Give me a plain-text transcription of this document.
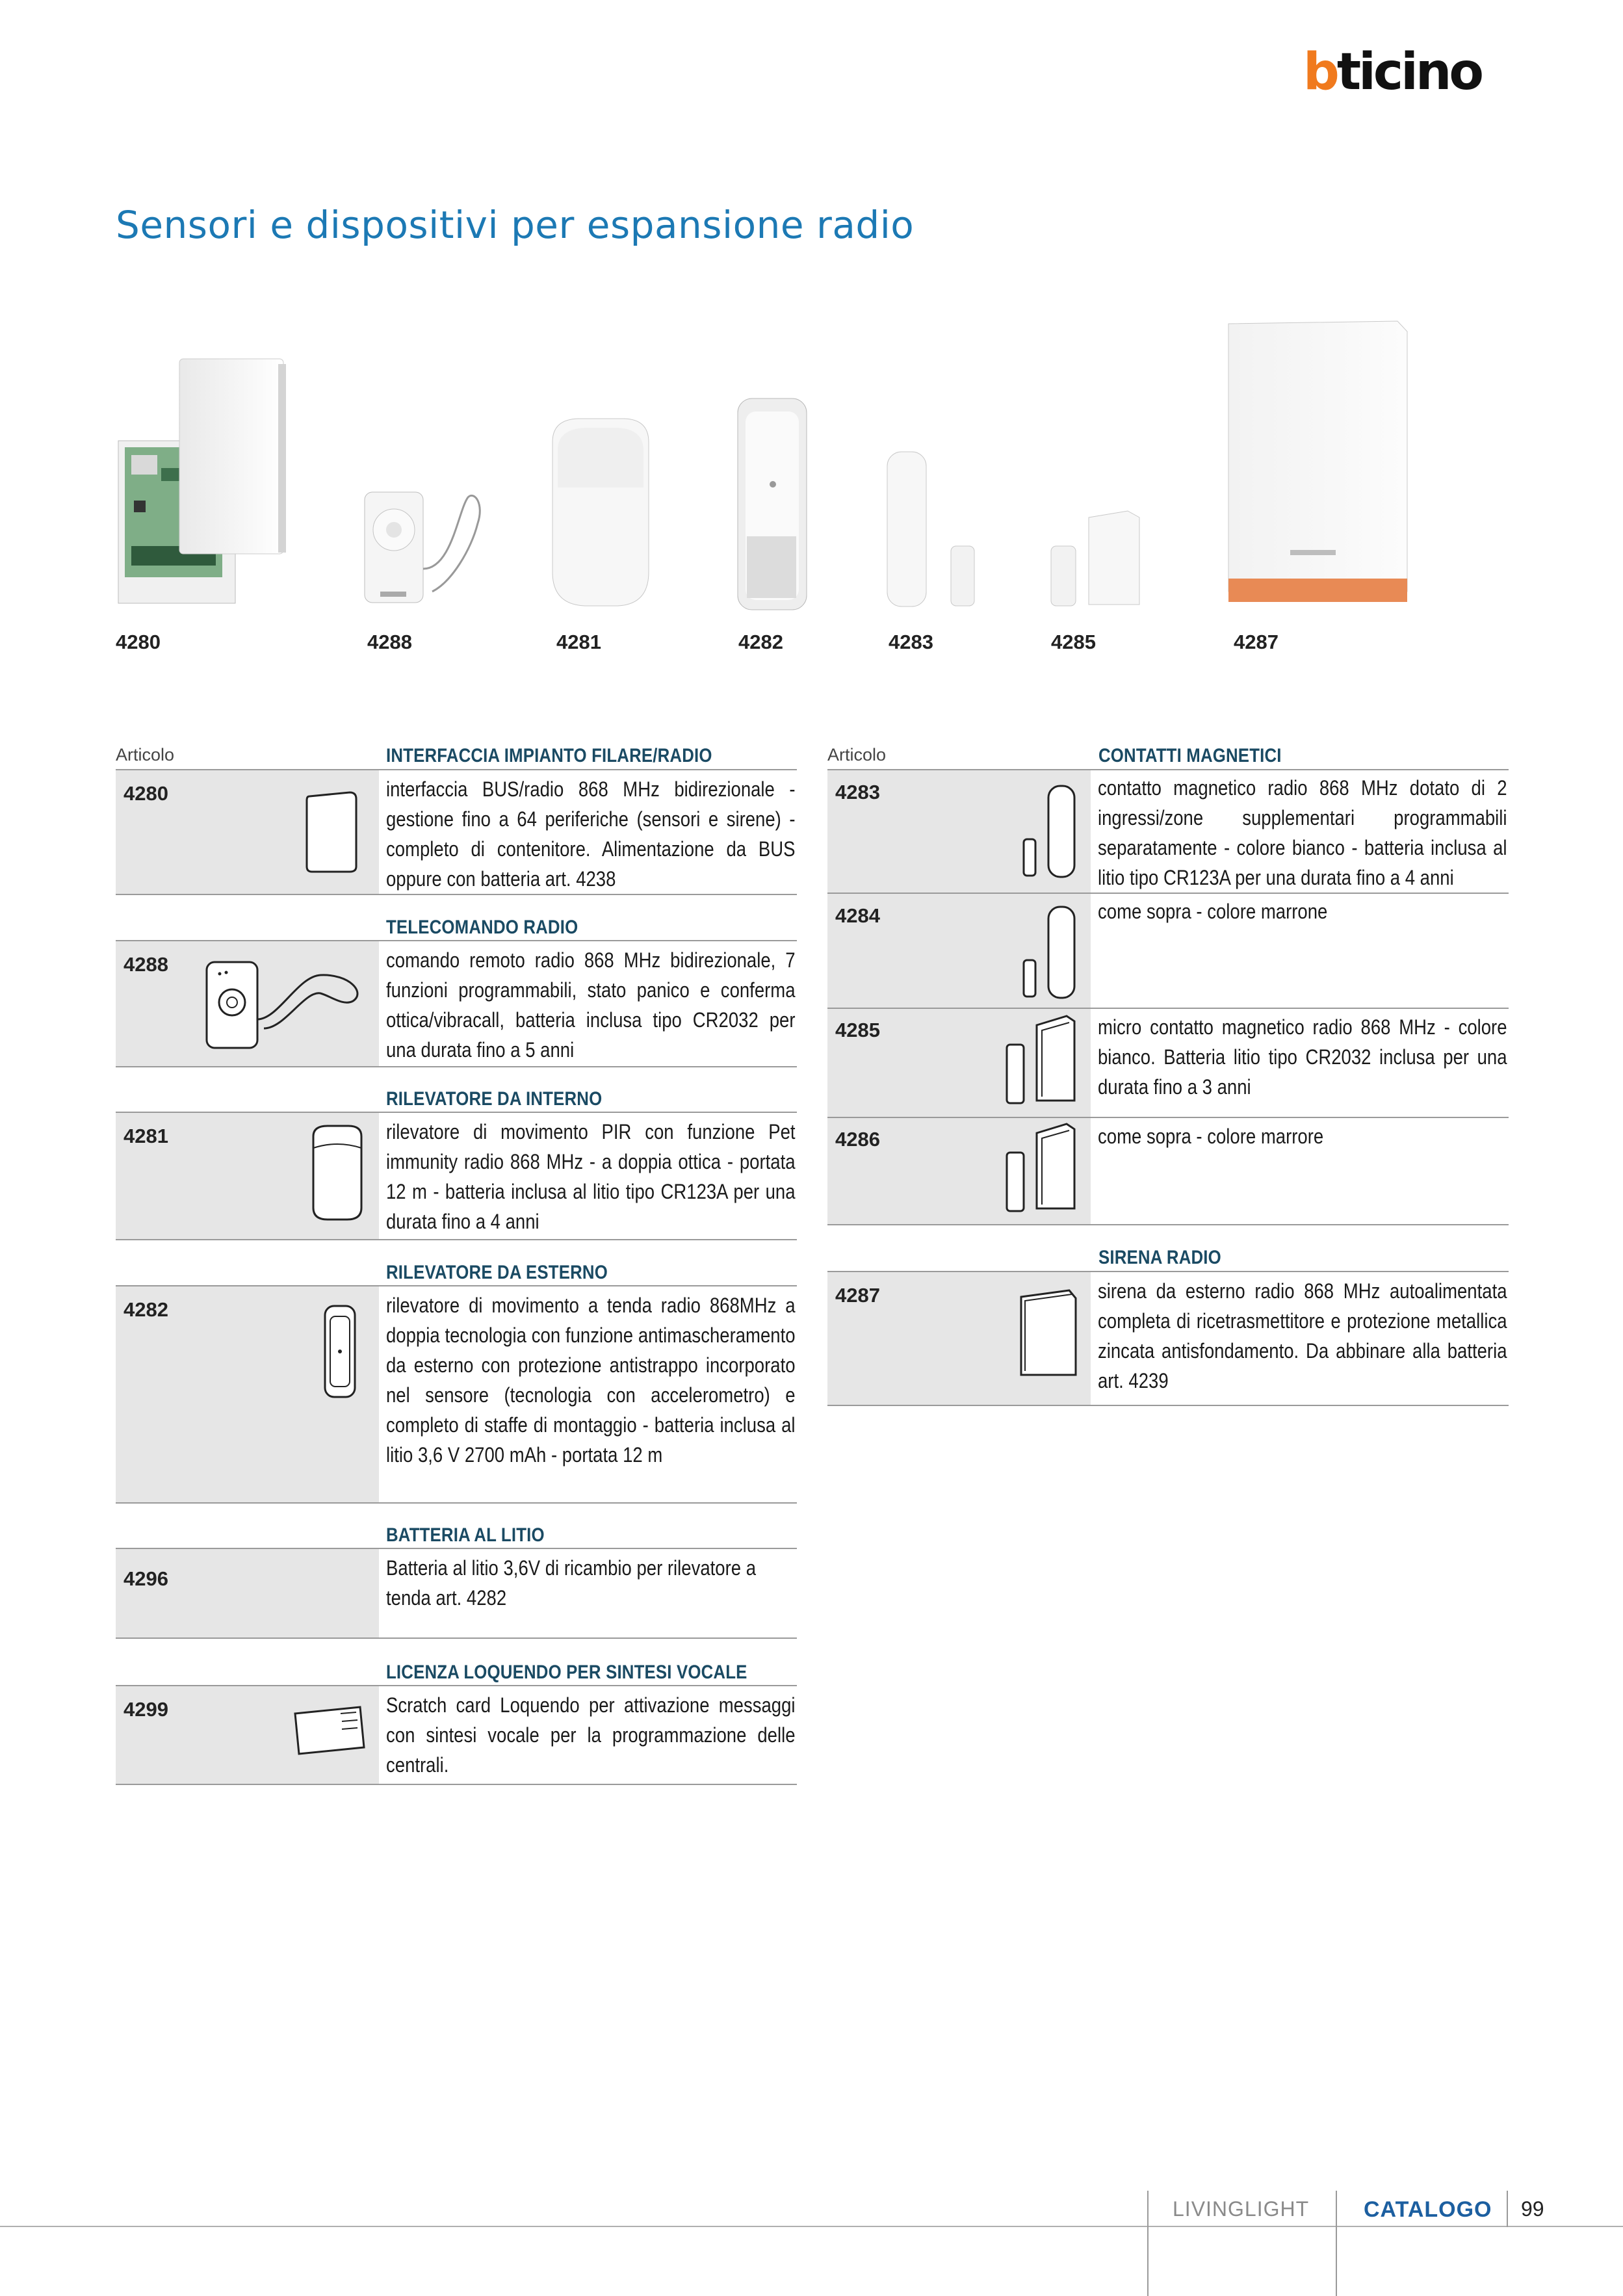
bticino
Sensori e dispositivi per espansione radio
4280	4288	4281	4282	4283	4285	4287
Articolo	INTERFACCIA IMPIANTO FILARE/RADIO
4280	interfaccia BUS/radio 868 MHz bidirezionale - gestione fino a 64 periferiche (sensori e sirene) - completo di contenitore. Alimentazione da BUS oppure con batteria art. 4238
TELECOMANDO RADIO
4288	comando remoto radio 868 MHz bidirezionale, 7 funzioni programmabili, stato panico e conferma ottica/vibracall, batteria inclusa tipo CR2032 per una durata fino a 5 anni
RILEVATORE DA INTERNO
4281	rilevatore di movimento PIR con funzione Pet immunity radio 868 MHz - a doppia ottica - portata 12 m - batteria inclusa al litio tipo CR123A per una durata fino a 4 anni
RILEVATORE DA ESTERNO
4282	rilevatore di movimento a tenda radio 868MHz a doppia tecnologia con funzione antimascheramento da esterno con protezione antistrappo incorporato nel sensore (tecnologia con accelerometro) e completo di staffe di montaggio - batteria inclusa al litio 3,6 V 2700 mAh - portata 12 m
BATTERIA AL LITIO
4296	Batteria al litio 3,6V di ricambio per rilevatore a tenda art. 4282
LICENZA LOQUENDO PER SINTESI VOCALE
4299	Scratch card Loquendo per attivazione messaggi con sintesi vocale per la programmazione delle centrali.
Articolo	CONTATTI MAGNETICI
4283	contatto magnetico radio 868 MHz dotato di 2 ingressi/zone supplementari programmabili separatamente - colore bianco - batteria inclusa al litio tipo CR123A per una durata fino a 4 anni
4284	come sopra - colore marrone
4285	micro contatto magnetico radio 868 MHz - colore bianco. Batteria litio tipo CR2032 inclusa per una durata fino a 3 anni
4286	come sopra - colore marrore
SIRENA RADIO
4287	sirena da esterno radio 868 MHz autoalimentata completa di ricetrasmettitore e protezione metallica zincata antisfondamento. Da abbinare alla batteria art. 4239
LIVINGLIGHT CATALOGO 99
